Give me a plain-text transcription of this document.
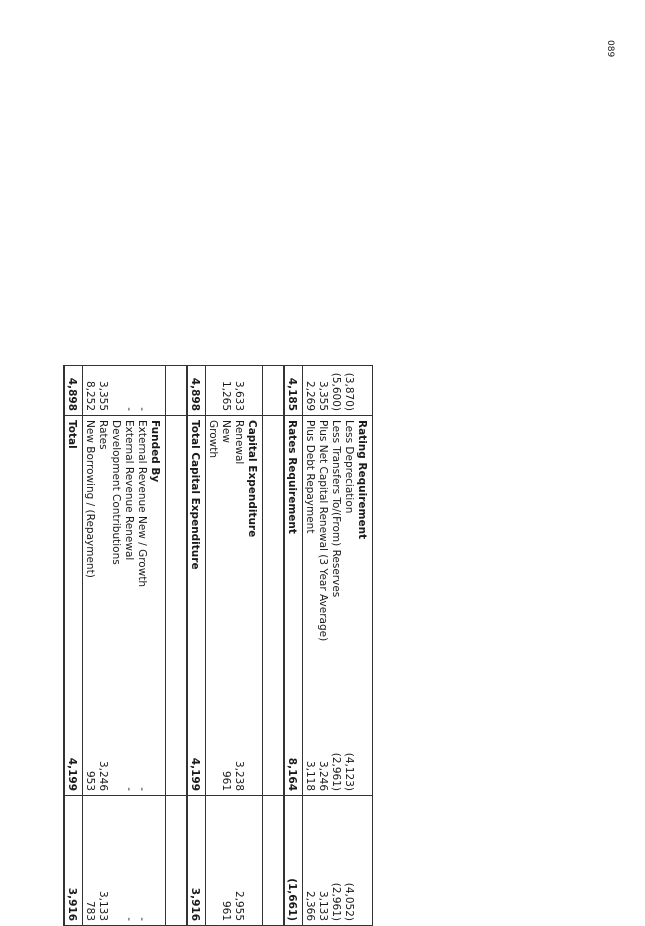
089
	Rating Requirement		
(3,870)	Less Depreciation	(4,123)	(4,052)
(5,600)	Less Transfers To/(From) Reserves	(2,961)	(2,961)
3,355	Plus Net Capital Renewal (3 Year Average)	3,246	3,133
2,269	Plus Debt Repayment	3,118	2,366
4,185	Rates Requirement	8,164	(1,661)

	Capital Expenditure		
3,633	Renewal	3,238	2,955
1,265	New	961	961
	Growth		
4,898	Total Capital Expenditure	4,199	3,916

	Funded By		
-	External Revenue New / Growth	-	-
-	External Revenue Renewal	-	-
	Development Contributions		
3,355	Rates	3,246	3,133
8,252	New Borrowing / (Repayment)	953	783
4,898	Total	4,199	3,916
